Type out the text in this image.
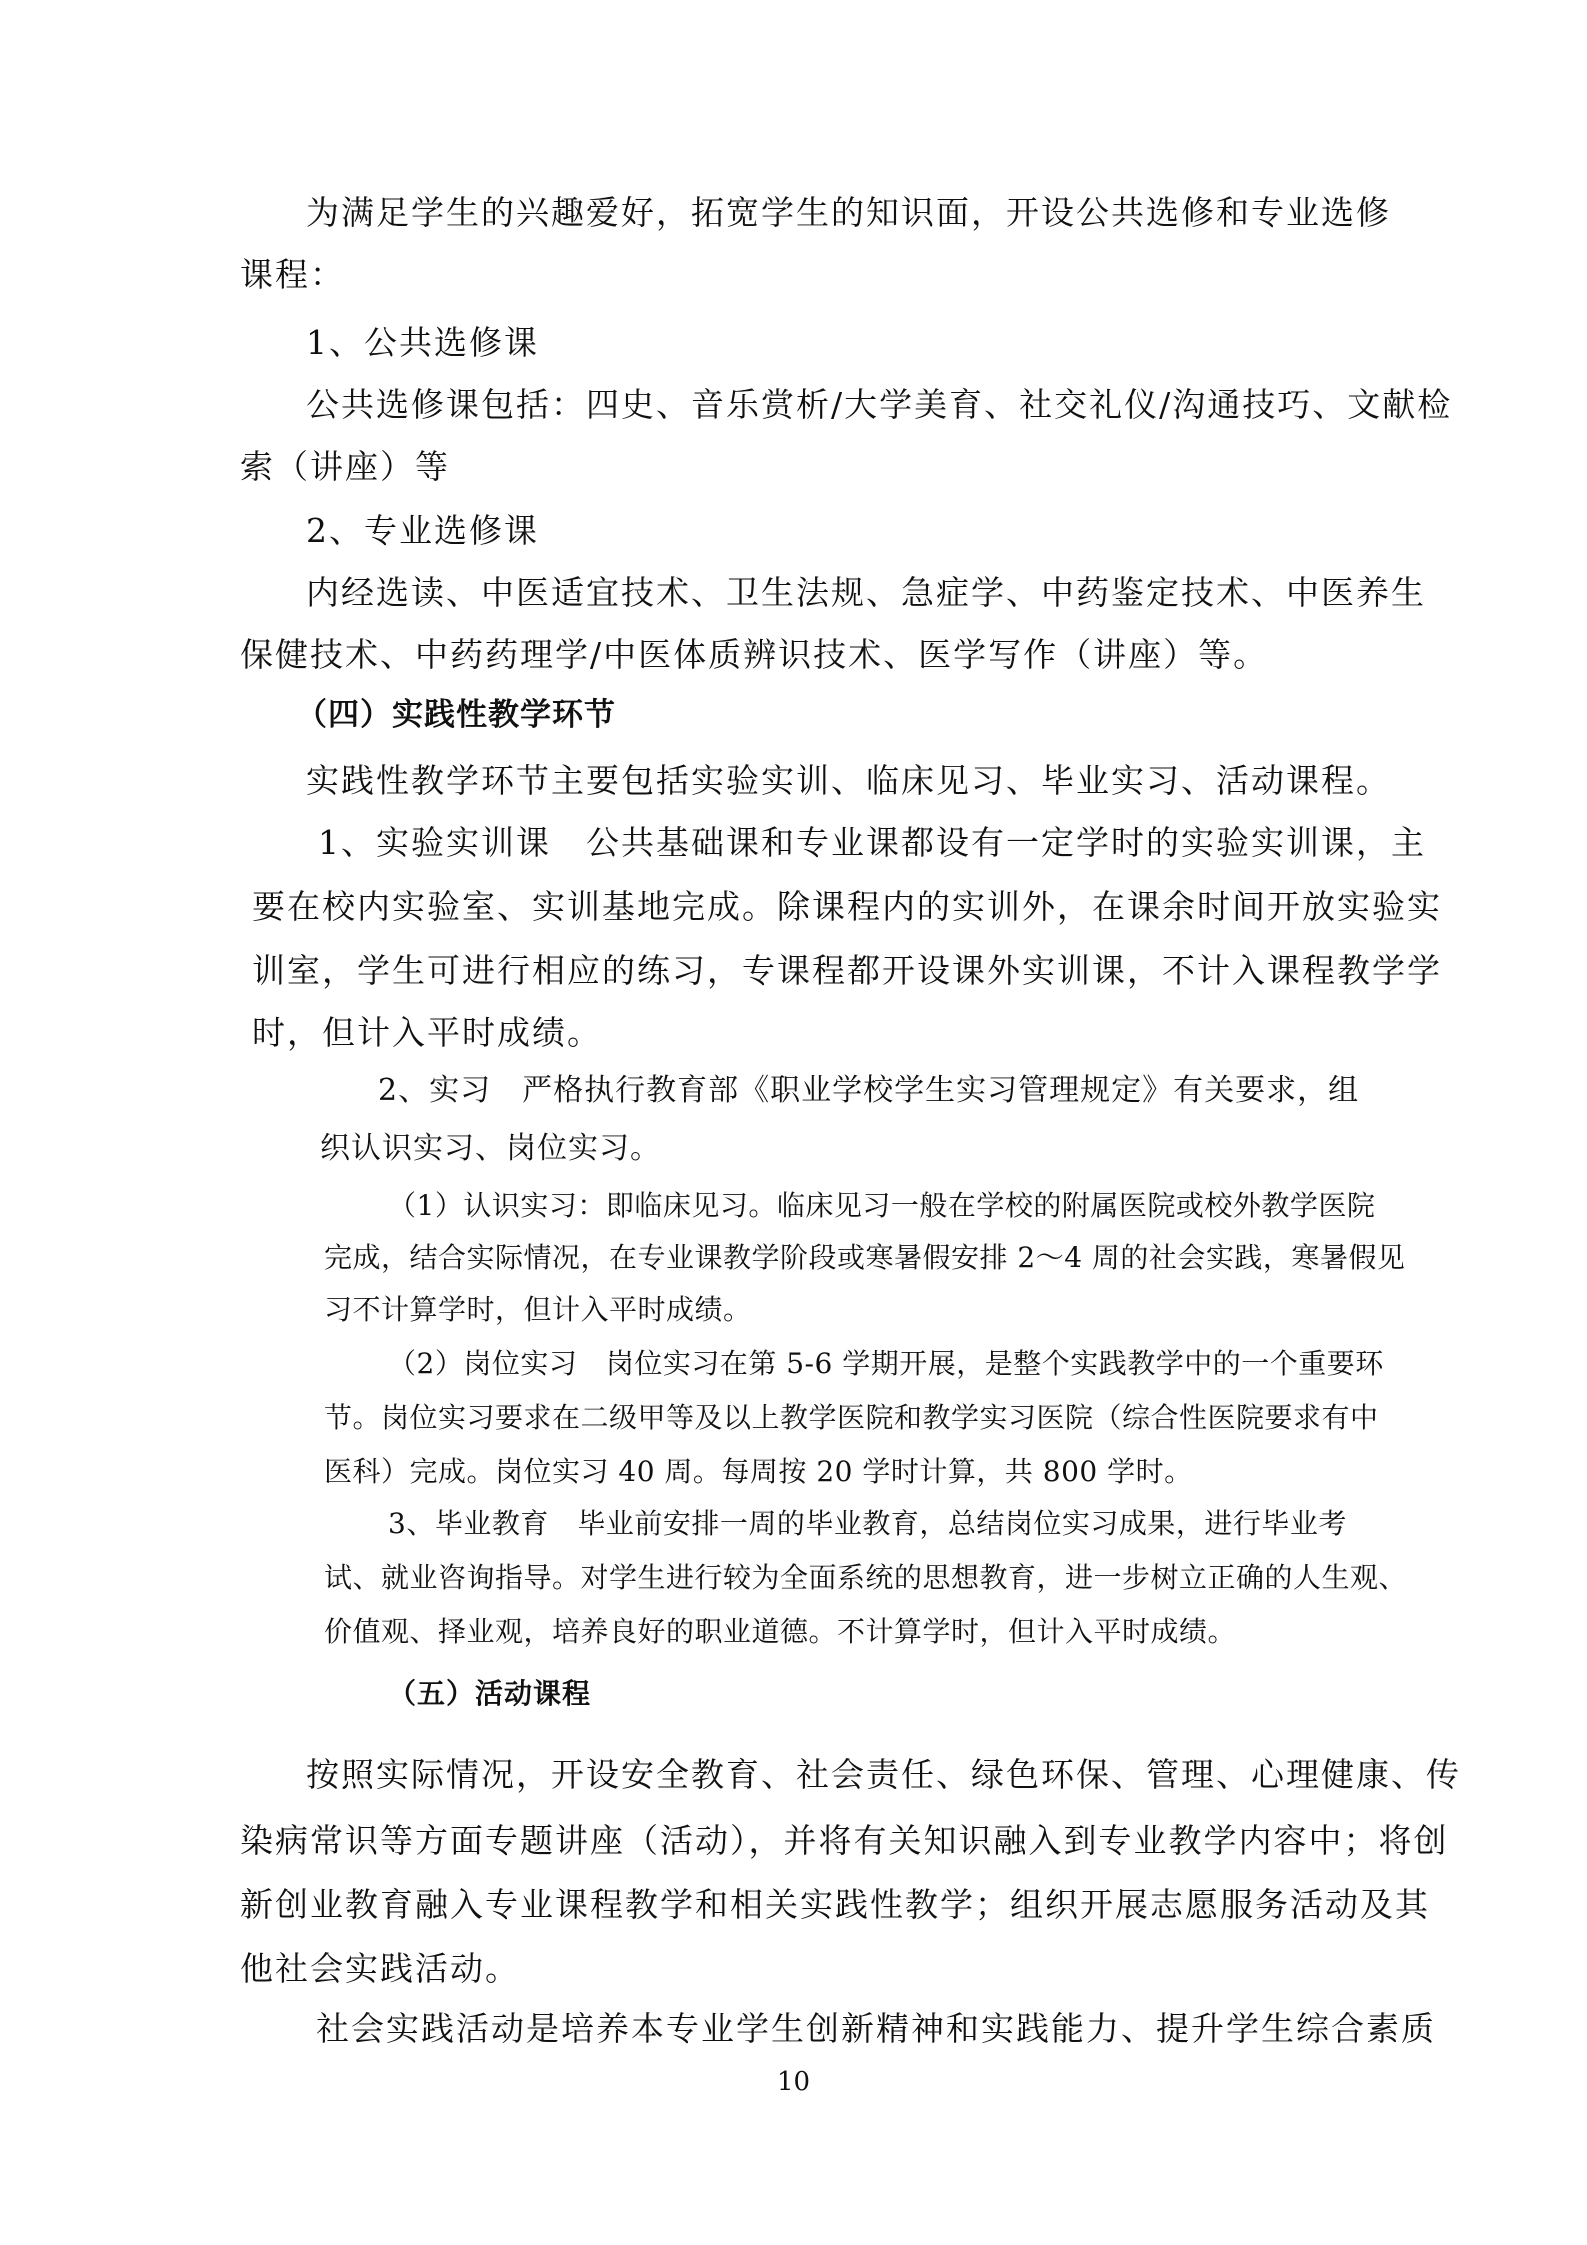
为满足学生的兴趣爱好，拓宽学生的知识面，开设公共选修和专业选修
课程：
1、公共选修课
公共选修课包括：四史、音乐赏析/大学美育、社交礼仪/沟通技巧、文献检
索（讲座）等
2、专业选修课
内经选读、中医适宜技术、卫生法规、急症学、中药鉴定技术、中医养生
保健技术、中药药理学/中医体质辨识技术、医学写作（讲座）等。
（四）实践性教学环节
实践性教学环节主要包括实验实训、临床见习、毕业实习、活动课程。
1、实验实训课　公共基础课和专业课都设有一定学时的实验实训课，主
要在校内实验室、实训基地完成。除课程内的实训外，在课余时间开放实验实
训室，学生可进行相应的练习，专课程都开设课外实训课，不计入课程教学学
时，但计入平时成绩。
2、实习　严格执行教育部《职业学校学生实习管理规定》有关要求，组
织认识实习、岗位实习。
（1）认识实习：即临床见习。临床见习一般在学校的附属医院或校外教学医院
完成，结合实际情况，在专业课教学阶段或寒暑假安排 2～4 周的社会实践，寒暑假见
习不计算学时，但计入平时成绩。
（2）岗位实习　岗位实习在第 5-6 学期开展，是整个实践教学中的一个重要环
节。岗位实习要求在二级甲等及以上教学医院和教学实习医院（综合性医院要求有中
医科）完成。岗位实习 40 周。每周按 20 学时计算，共 800 学时。
3、毕业教育　毕业前安排一周的毕业教育，总结岗位实习成果，进行毕业考
试、就业咨询指导。对学生进行较为全面系统的思想教育，进一步树立正确的人生观、
价值观、择业观，培养良好的职业道德。不计算学时，但计入平时成绩。
（五）活动课程
按照实际情况，开设安全教育、社会责任、绿色环保、管理、心理健康、传
染病常识等方面专题讲座（活动），并将有关知识融入到专业教学内容中；将创
新创业教育融入专业课程教学和相关实践性教学；组织开展志愿服务活动及其
他社会实践活动。
社会实践活动是培养本专业学生创新精神和实践能力、提升学生综合素质
10
